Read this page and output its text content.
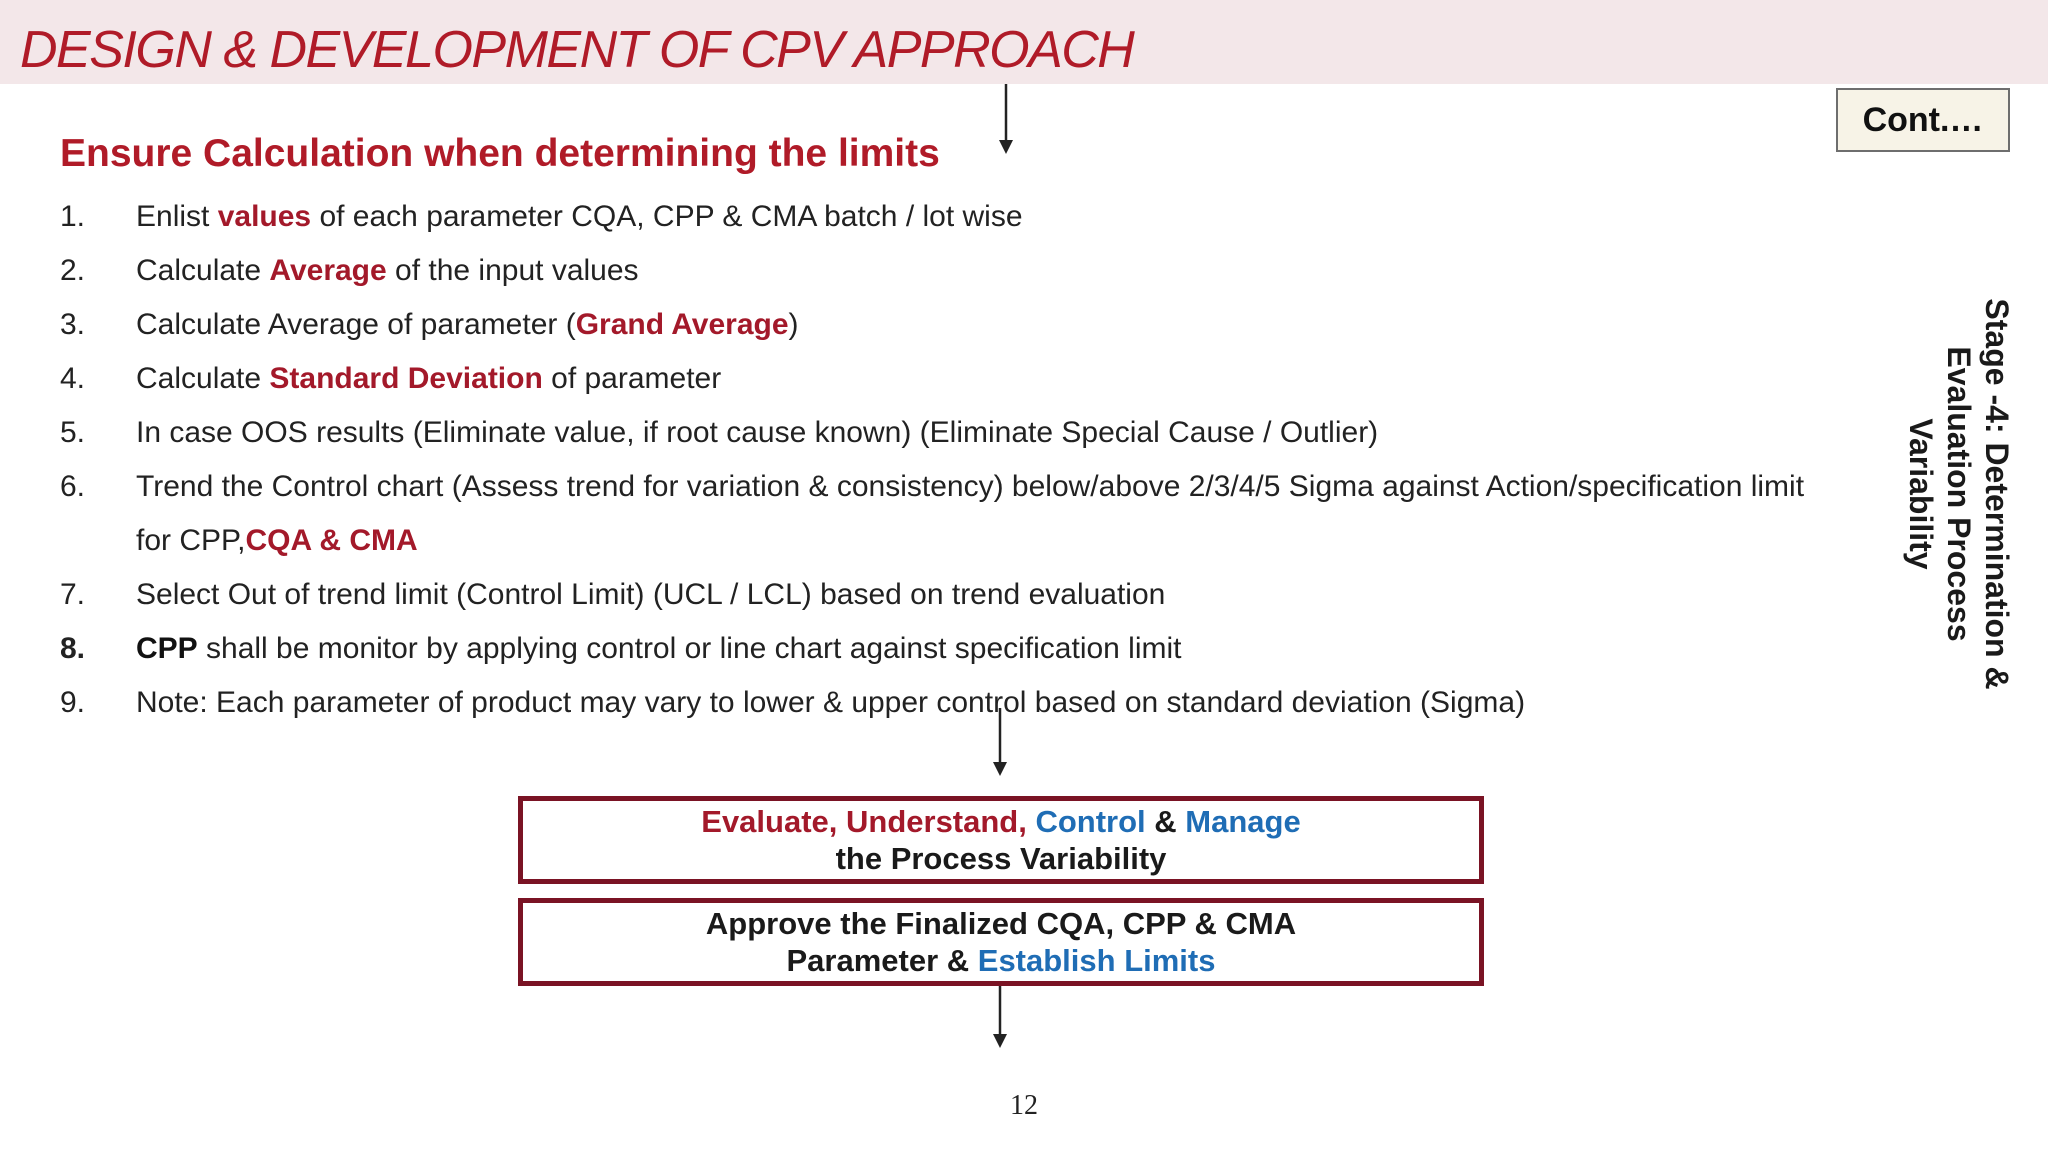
DESIGN & DEVELOPMENT OF CPV APPROACH
Cont.…
Ensure Calculation when determining the limits
1. Enlist values of each parameter CQA, CPP & CMA batch / lot wise
2. Calculate Average of the input values
3. Calculate Average of parameter (Grand Average)
4. Calculate Standard Deviation of parameter
5. In case OOS results (Eliminate value, if root cause known) (Eliminate Special Cause / Outlier)
6. Trend the Control chart (Assess trend for variation & consistency) below/above 2/3/4/5 Sigma against Action/specification limit
for CPP,CQA & CMA
7. Select Out of trend limit (Control Limit) (UCL / LCL) based on trend evaluation
8. CPP shall be monitor by applying control or line chart against specification limit
9. Note: Each parameter of product may vary to lower & upper control based on standard deviation (Sigma)
Evaluate, Understand, Control & Manage
the Process Variability
Approve the Finalized CQA, CPP & CMA
Parameter & Establish Limits
Stage -4: Determination &
Evaluation Process Variability
12
